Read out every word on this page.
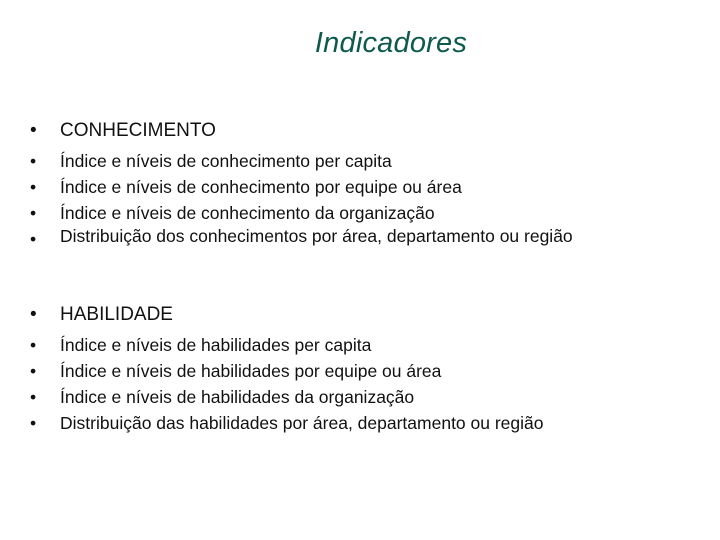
Indicadores
•	CONHECIMENTO
• Índice e níveis de conhecimento per capita
• Índice e níveis de conhecimento por equipe ou área
• Índice e níveis de conhecimento da organização
• Distribuição dos conhecimentos por área, departamento ou região
•	HABILIDADE
• Índice e níveis de habilidades per capita
• Índice e níveis de habilidades por equipe ou área
• Índice e níveis de habilidades da organização
• Distribuição das habilidades por área, departamento ou região
